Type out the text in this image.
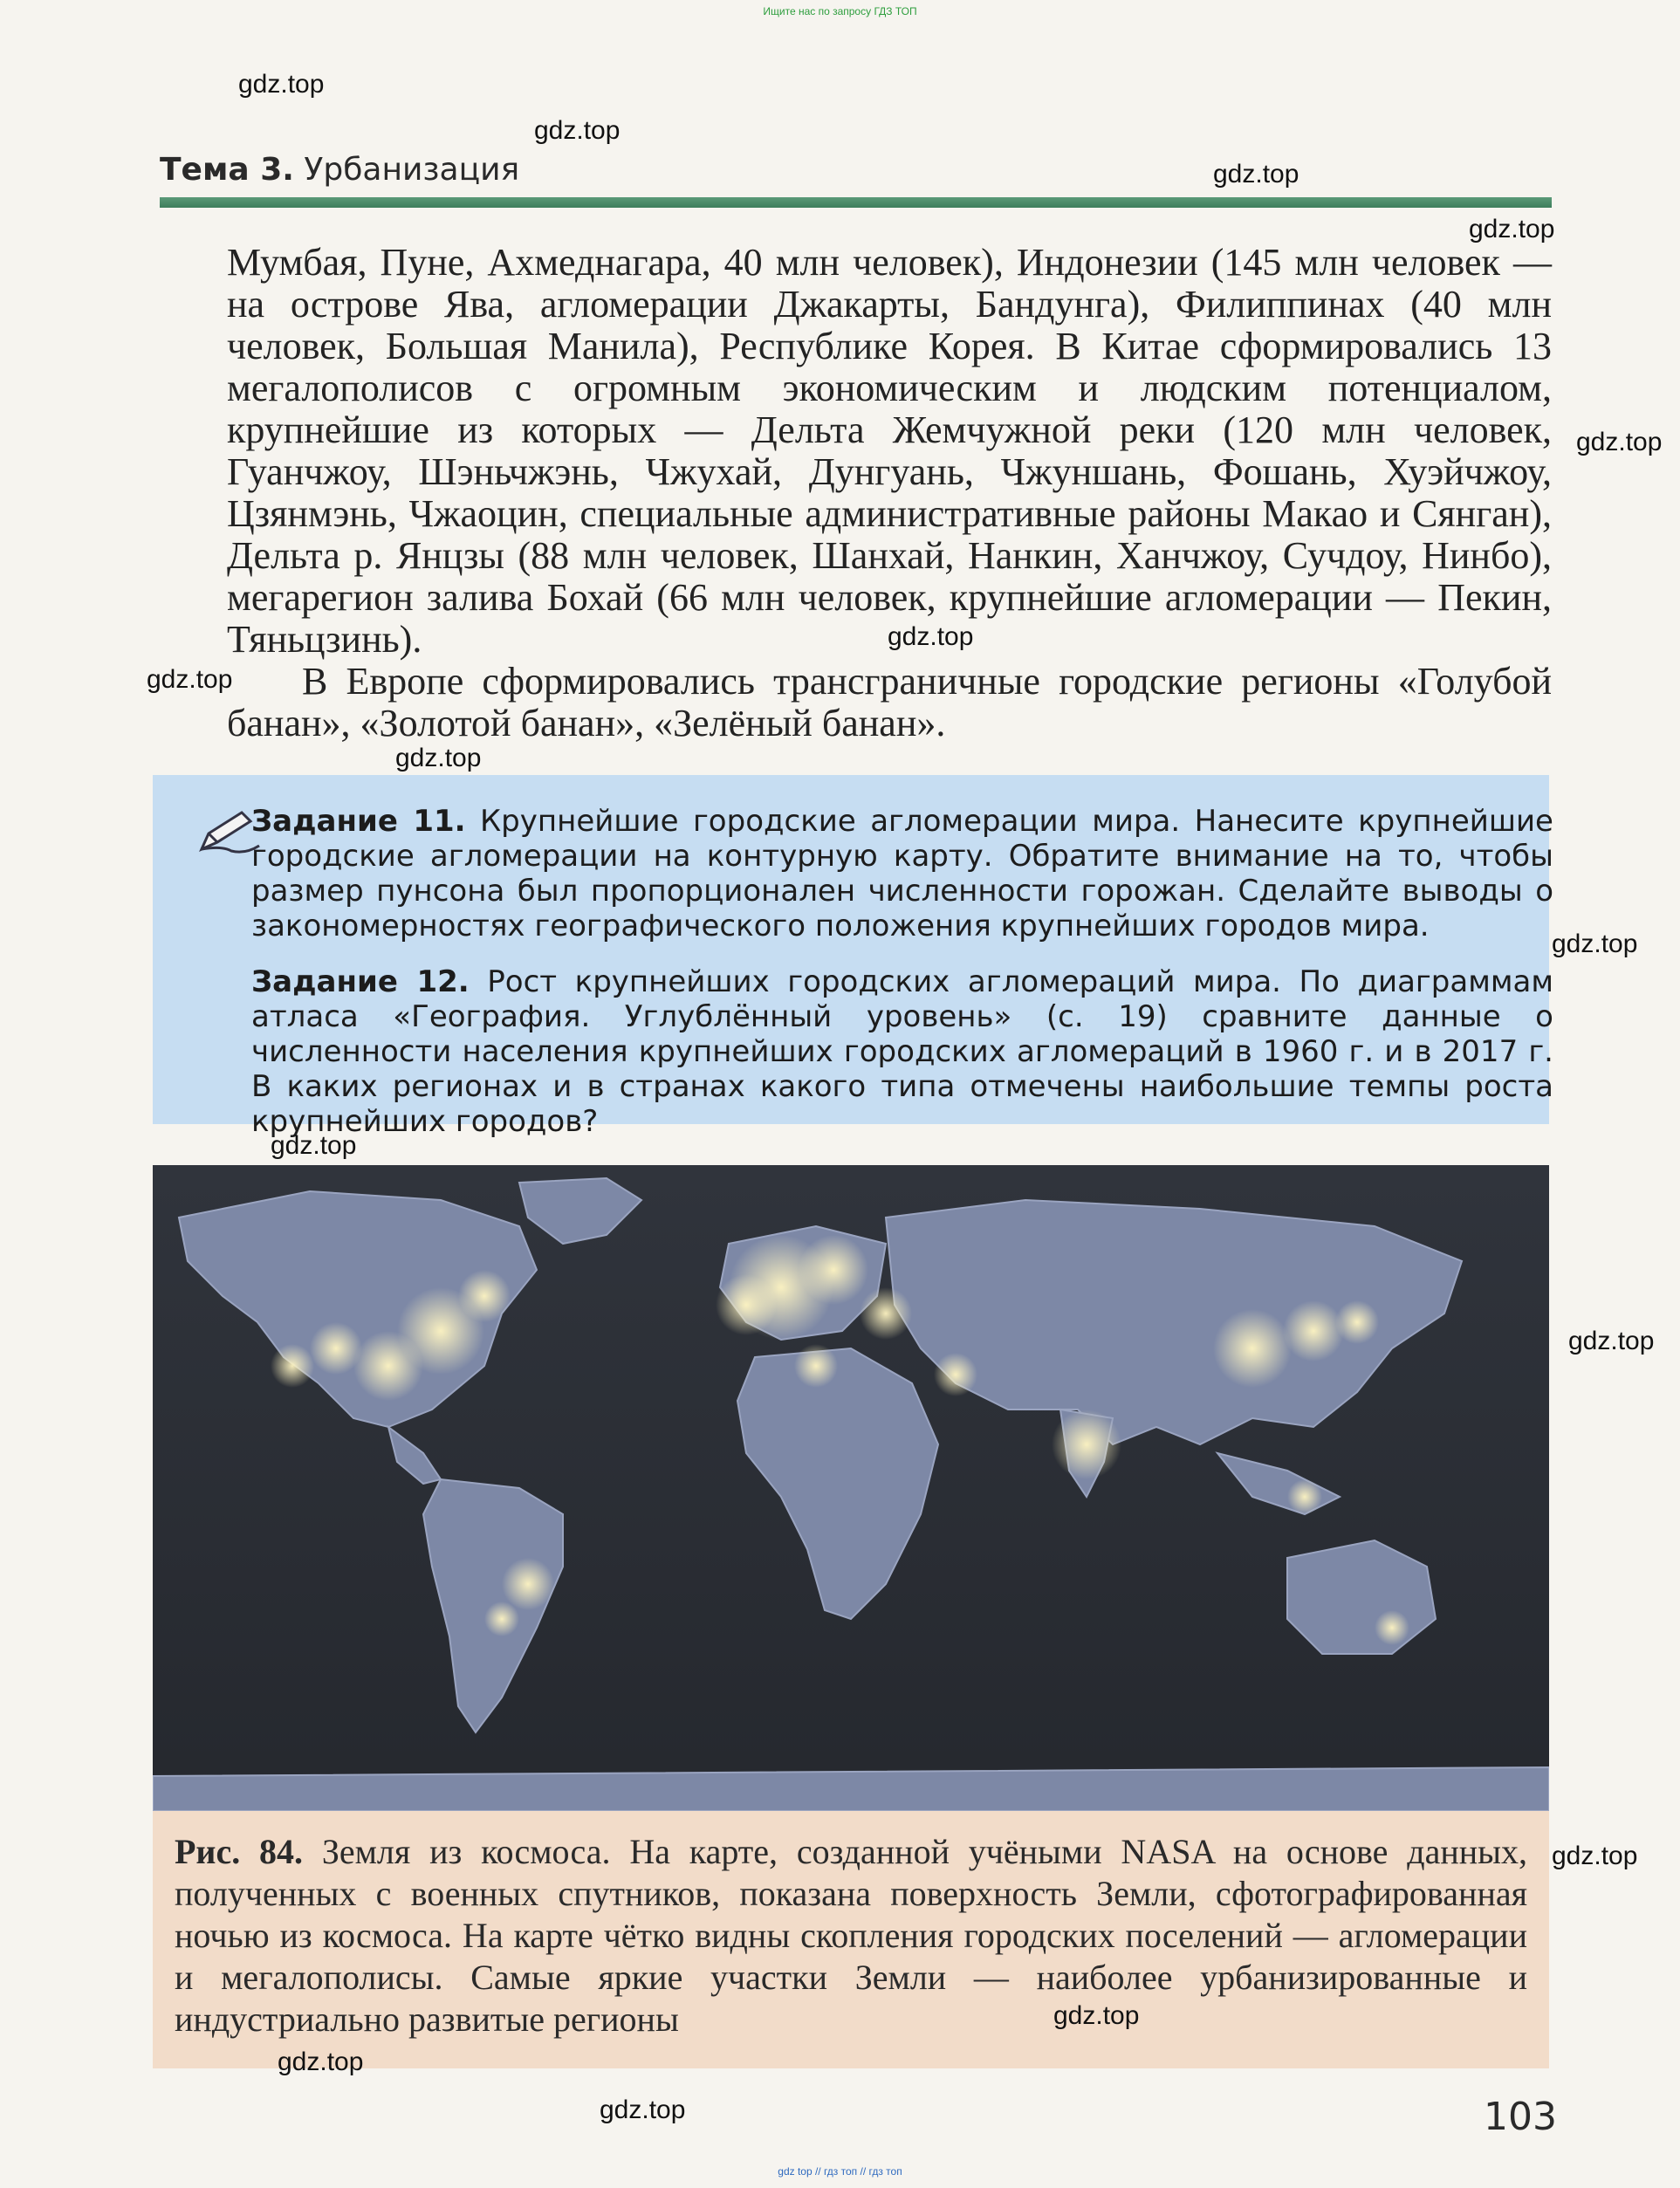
Ищите нас по запросу ГДЗ ТОП
Тема 3. Урбанизация

Мумбая, Пуне, Ахмеднагара, 40 млн человек), Индонезии (145 млн человек — на острове Ява, агломерации Джакарты, Бандунга), Филиппинах (40 млн человек, Большая Манила), Республике Корея. В Китае сформировались 13 мегалополисов с огромным экономическим и людским потенциалом, крупнейшие из которых — Дельта Жемчужной реки (120 млн человек, Гуанчжоу, Шэньчжэнь, Чжухай, Дунгуань, Чжуншань, Фошань, Хуэйчжоу, Цзянмэнь, Чжаоцин, специальные административные районы Макао и Сянган), Дельта р. Янцзы (88 млн человек, Шанхай, Нанкин, Ханчжоу, Сучдоу, Нинбо), мегарегион залива Бохай (66 млн человек, крупнейшие агломерации — Пекин, Тяньцзинь).

В Европе сформировались трансграничные городские регионы «Голубой банан», «Золотой банан», «Зелёный банан».

Задание 11. Крупнейшие городские агломерации мира. Нанесите крупнейшие городские агломерации на контурную карту. Обратите внимание на то, чтобы размер пунсона был пропорционален численности горожан. Сделайте выводы о закономерностях географического положения крупнейших городов мира.
Задание 12. Рост крупнейших городских агломераций мира. По диаграммам атласа «География. Углублённый уровень» (с. 19) сравните данные о численности населения крупнейших городских агломераций в 1960 г. и в 2017 г. В каких регионах и в странах какого типа отмечены наибольшие темпы роста крупнейших городов?
Рис. 84. Земля из космоса. На карте, созданной учёными NASA на основе данных, полученных с военных спутников, показана поверхность Земли, сфотографированная ночью из космоса. На карте чётко видны скопления городских поселений — агломерации и мегалополисы. Самые яркие участки Земли — наиболее урбанизированные и индустриально развитые регионы
103
gdz.top
gdz.top
gdz.top
gdz.top
gdz.top
gdz.top
gdz.top
gdz.top
gdz.top
gdz.top
gdz.top
gdz.top
gdz.top
gdz.top
gdz.top
gdz top // гдз топ // гдз топ
